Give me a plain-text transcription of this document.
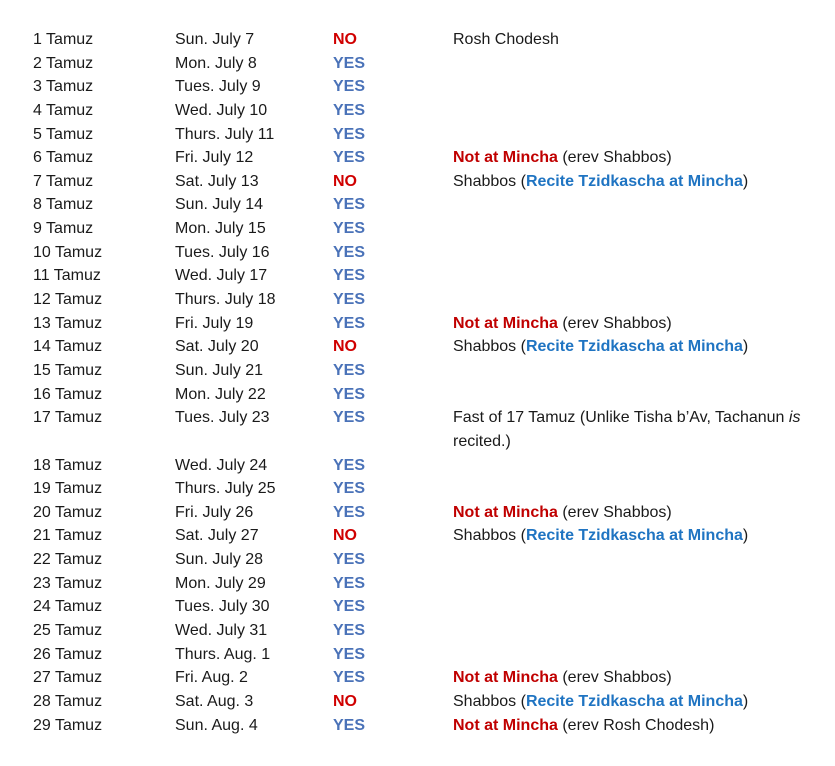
1 Tamuz	Sun. July 7	NO	Rosh Chodesh
2 Tamuz	Mon. July 8	YES
3 Tamuz	Tues. July 9	YES
4 Tamuz	Wed. July 10	YES
5 Tamuz	Thurs. July 11	YES
6 Tamuz	Fri. July 12	YES	Not at Mincha (erev Shabbos)
7 Tamuz	Sat. July 13	NO	Shabbos (Recite Tzidkascha at Mincha)
8 Tamuz	Sun. July 14	YES
9 Tamuz	Mon. July 15	YES
10 Tamuz	Tues. July 16	YES
11 Tamuz	Wed. July 17	YES
12 Tamuz	Thurs. July 18	YES
13 Tamuz	Fri. July 19	YES	Not at Mincha (erev Shabbos)
14 Tamuz	Sat. July 20	NO	Shabbos (Recite Tzidkascha at Mincha)
15 Tamuz	Sun. July 21	YES
16 Tamuz	Mon. July 22	YES
17 Tamuz	Tues. July 23	YES	Fast of 17 Tamuz (Unlike Tisha b’Av, Tachanun is recited.)
18 Tamuz	Wed. July 24	YES
19 Tamuz	Thurs. July 25	YES
20 Tamuz	Fri. July 26	YES	Not at Mincha (erev Shabbos)
21 Tamuz	Sat. July 27	NO	Shabbos (Recite Tzidkascha at Mincha)
22 Tamuz	Sun. July 28	YES
23 Tamuz	Mon. July 29	YES
24 Tamuz	Tues. July 30	YES
25 Tamuz	Wed. July 31	YES
26 Tamuz	Thurs. Aug. 1	YES
27 Tamuz	Fri. Aug. 2	YES	Not at Mincha (erev Shabbos)
28 Tamuz	Sat. Aug. 3	NO	Shabbos (Recite Tzidkascha at Mincha)
29 Tamuz	Sun. Aug. 4	YES	Not at Mincha (erev Rosh Chodesh)
